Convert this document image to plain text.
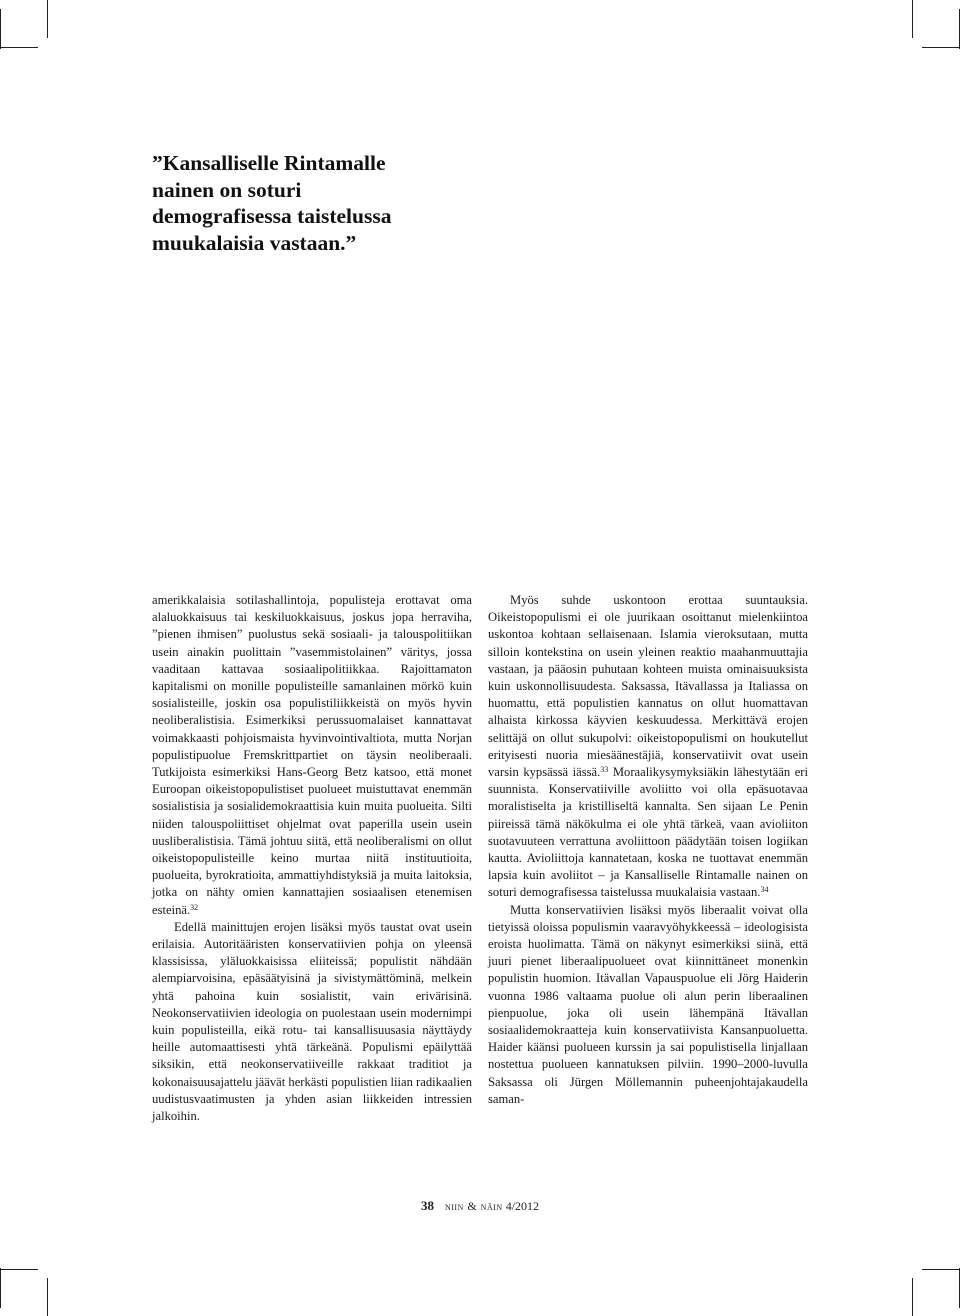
”Kansalliselle Rintamalle
nainen on soturi
demografisessa taistelussa
muukalaisia vastaan.”

amerikkalaisia sotilashallintoja, populisteja erottavat oma alaluokkaisuus tai keskiluokkaisuus, joskus jopa herraviha, ”pienen ihmisen” puolustus sekä sosiaali- ja talouspolitiikan usein ainakin puolittain ”vasemmistolainen” väritys, jossa vaaditaan kattavaa sosiaalipolitiikkaa. Rajoittamaton kapitalismi on monille populisteille samanlainen mörkö kuin sosialisteille, joskin osa populistiliikkeistä on myös hyvin neoliberalistisia. Esimerkiksi perussuomalaiset kannattavat voimakkaasti pohjoismaista hyvinvointivaltiota, mutta Norjan populistipuolue Fremskrittpartiet on täysin neoliberaali. Tutkijoista esimerkiksi Hans-Georg Betz katsoo, että monet Euroopan oikeistopopulistiset puolueet muistuttavat enemmän sosialistisia ja sosialidemokraattisia kuin muita puolueita. Silti niiden talouspoliittiset ohjelmat ovat paperilla usein usein uusliberalistisia. Tämä johtuu siitä, että neoliberalismi on ollut oikeistopopulisteille keino murtaa niitä instituutioita, puolueita, byrokratioita, ammattiyhdistyksiä ja muita laitoksia, jotka on nähty omien kannattajien sosiaalisen etenemisen esteinä.$^{32}$

Edellä mainittujen erojen lisäksi myös taustat ovat usein erilaisia. Autoritääristen konservatiivien pohja on yleensä klassisissa, yläluokkaisissa eliiteissä; populistit nähdään alempiarvoisina, epäsäätyisinä ja sivistymättöminä, melkein yhtä pahoina kuin sosialistit, vain erivärisinä. Neokonservatiivien ideologia on puolestaan usein modernimpi kuin populisteilla, eikä rotu- tai kansallisuusasia näyttäydy heille automaattisesti yhtä tärkeänä. Populismi epäilyttää siksikin, että neokonservatiiveille rakkaat traditiot ja kokonaisuusajattelu jäävät herkästi populistien liian radikaalien uudistusvaatimusten ja yhden asian liikkeiden intressien jalkoihin.

Myös suhde uskontoon erottaa suuntauksia. Oikeistopopulismi ei ole juurikaan osoittanut mielenkiintoa uskontoa kohtaan sellaisenaan. Islamia vieroksutaan, mutta silloin kontekstina on usein yleinen reaktio maahanmuuttajia vastaan, ja pääosin puhutaan kohteen muista ominaisuuksista kuin uskonnollisuudesta. Saksassa, Itävallassa ja Italiassa on huomattu, että populistien kannatus on ollut huomattavan alhaista kirkossa käyvien keskuudessa. Merkittävä erojen selittäjä on ollut sukupolvi: oikeistopopulismi on houkutellut erityisesti nuoria miesäänestäjiä, konservatiivit ovat usein varsin kypsässä iässä.$^{33}$ Moraalikysymyksiäkin lähestytään eri suunnista. Konservatiiville avoliitto voi olla epäsuotavaa moralistiselta ja kristilliseltä kannalta. Sen sijaan Le Penin piireissä tämä näkökulma ei ole yhtä tärkeä, vaan avioliiton suotavuuteen verrattuna avoliittoon päädytään toisen logiikan kautta. Avioliittoja kannatetaan, koska ne tuottavat enemmän lapsia kuin avoliitot – ja Kansalliselle Rintamalle nainen on soturi demografisessa taistelussa muukalaisia vastaan.$^{34}$

Mutta konservatiivien lisäksi myös liberaalit voivat olla tietyissä oloissa populismin vaaravyöhykkeessä – ideologisista eroista huolimatta. Tämä on näkynyt esimerkiksi siinä, että juuri pienet liberaalipuolueet ovat kiinnittäneet monenkin populistin huomion. Itävallan Vapauspuolue eli Jörg Haiderin vuonna 1986 valtaama puolue oli alun perin liberaalinen pienpuolue, joka oli usein lähempänä Itävallan sosiaalidemokraatteja kuin konservatiivista Kansanpuoluetta. Haider käänsi puolueen kurssin ja sai populistisella linjallaan nostettua puolueen kannatuksen pilviin. 1990–2000-luvulla Saksassa oli Jürgen Möllemannin puheenjohtajakaudella saman-

38 niin & näin 4/2012
